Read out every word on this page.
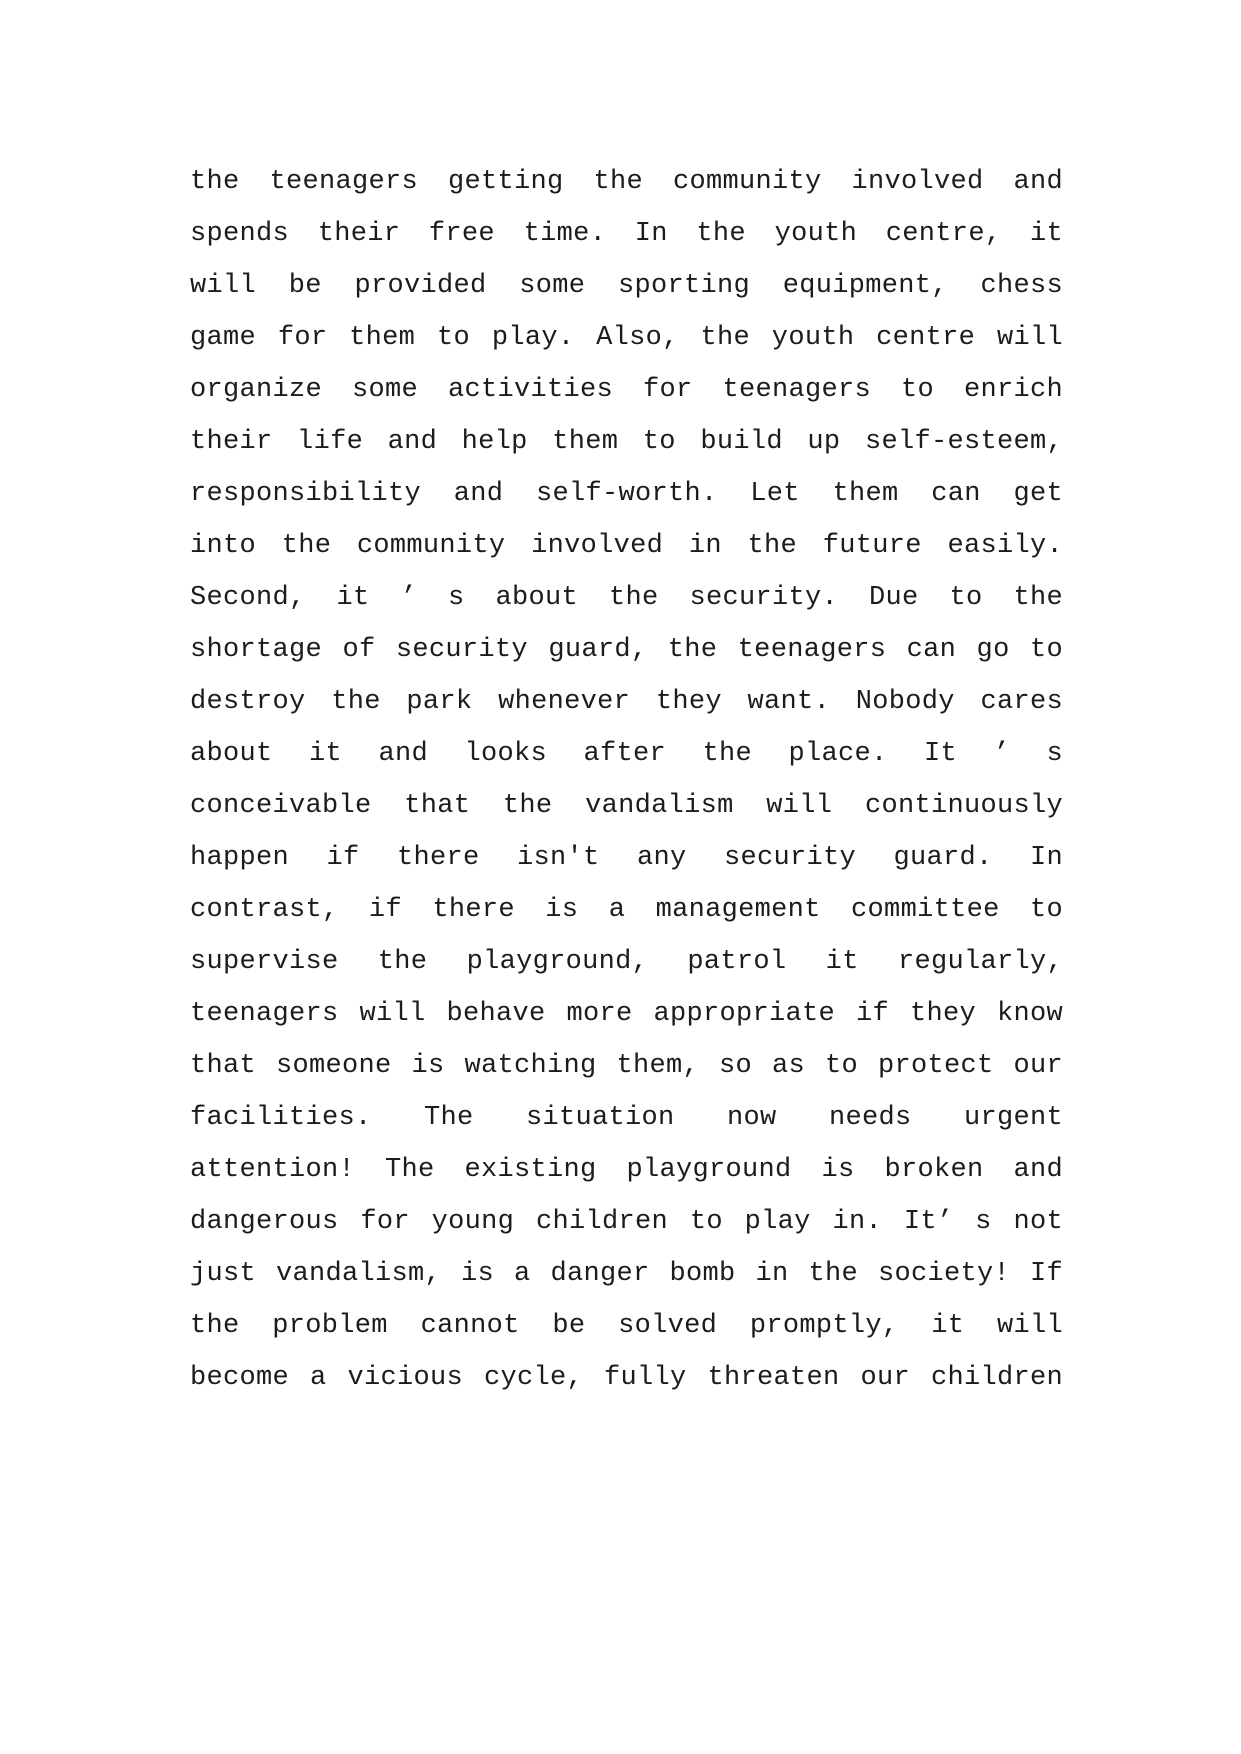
the teenagers getting the community involved and
spends their free time. In the youth centre, it
will be provided some sporting equipment, chess
game for them to play. Also, the youth centre will
organize some activities for teenagers to enrich
their life and help them to build up self-esteem,
responsibility and self-worth. Let them can get
into the community involved in the future easily.
Second, it ’ s about the security. Due to the
shortage of security guard, the teenagers can go to
destroy the park whenever they want. Nobody cares
about it and looks after the place. It ’ s
conceivable that the vandalism will continuously
happen if there isn't any security guard. In
contrast, if there is a management committee to
supervise the playground, patrol it regularly,
teenagers will behave more appropriate if they know
that someone is watching them, so as to protect our
facilities. The situation now needs urgent
attention! The existing playground is broken and
dangerous for young children to play in. It’ s not
just vandalism, is a danger bomb in the society! If
the problem cannot be solved promptly, it will
become a vicious cycle, fully threaten our children
